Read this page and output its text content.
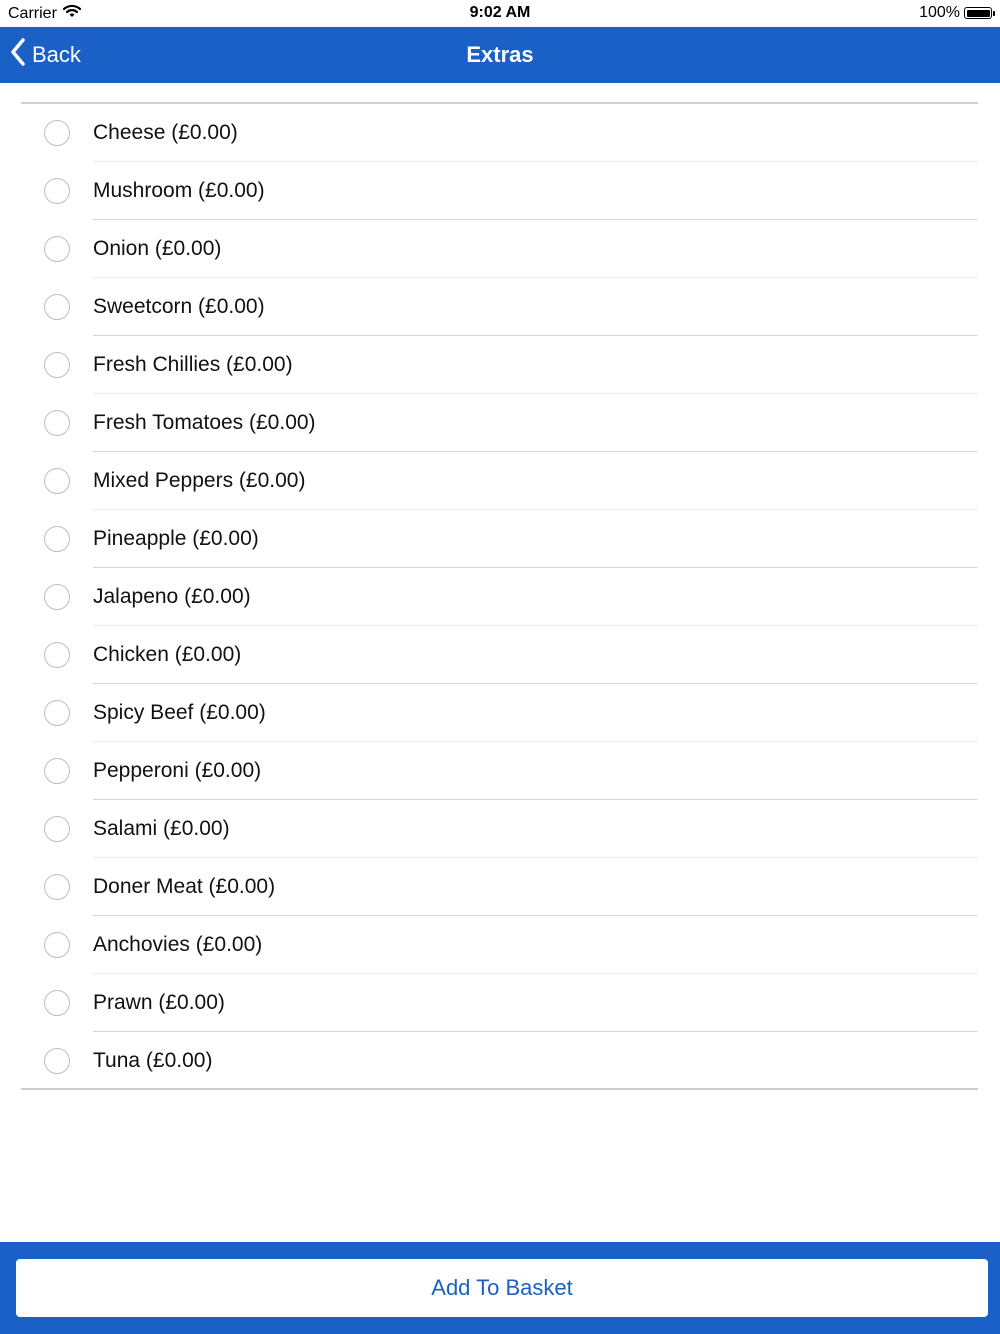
Carrier	9:02 AM	100%
Back	Extras
Cheese (£0.00)
Mushroom (£0.00)
Onion (£0.00)
Sweetcorn (£0.00)
Fresh Chillies (£0.00)
Fresh Tomatoes (£0.00)
Mixed Peppers (£0.00)
Pineapple (£0.00)
Jalapeno (£0.00)
Chicken (£0.00)
Spicy Beef (£0.00)
Pepperoni (£0.00)
Salami (£0.00)
Doner Meat (£0.00)
Anchovies (£0.00)
Prawn (£0.00)
Tuna (£0.00)
Add To Basket
